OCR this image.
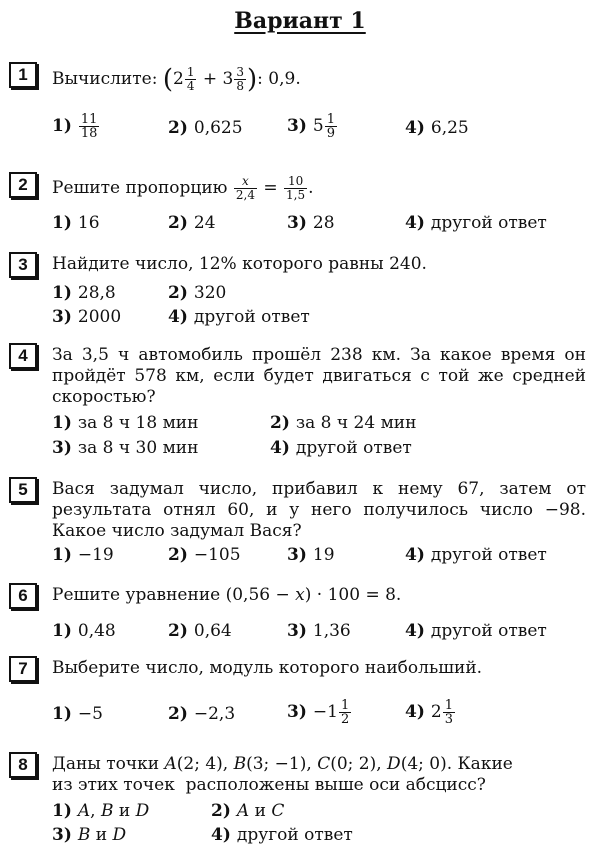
Вариант 1
1	Вычислите: ($2 \frac{1}{4} + 3 \frac{3}{8}$ ): 0,9.
$1) \frac{11}{18}$	2) 0,625	3) $5 \frac{1}{9}$	4) 6,25
2	Решите пропорцию $\frac{x}{2,4} = \frac{10}{1,5}$ .
1) 16	2) 24	3) 28	4) другой ответ
3	Найдите число, 12% которого равны 240.
1) 28,8	2) 320
3) 2000	4) другой ответ
4	За 3,5 ч автомобиль прошёл 238 км. За какое время он пройдёт 578 км, если будет двигаться с той же средней скоростью?
1) за 8 ч 18 мин	2) за 8 ч 24 мин
3) за 8 ч 30 мин	4) другой ответ
5	Вася задумал число, прибавил к нему 67, затем от результата отнял 60, и у него получилось число −98. Какое число задумал Вася?
1) −19	2) −105	3) 19	4) другой ответ
6	Решите уравнение (0,56 − x) · 100 = 8.
1) 0,48	2) 0,64	3) 1,36	4) другой ответ
7	Выберите число, модуль которого наибольший.
1) −5	2) −2,3	$3) -1 \frac{1}{2}$	4) $2 \frac{1}{3}$
8	Даны точки A(2; 4), B(3; −1), C(0; 2), D(4; 0). Какие
из этих точек  расположены выше оси абсцисс?
1) A, B и D	2) A и C
3) B и D	4) другой ответ
